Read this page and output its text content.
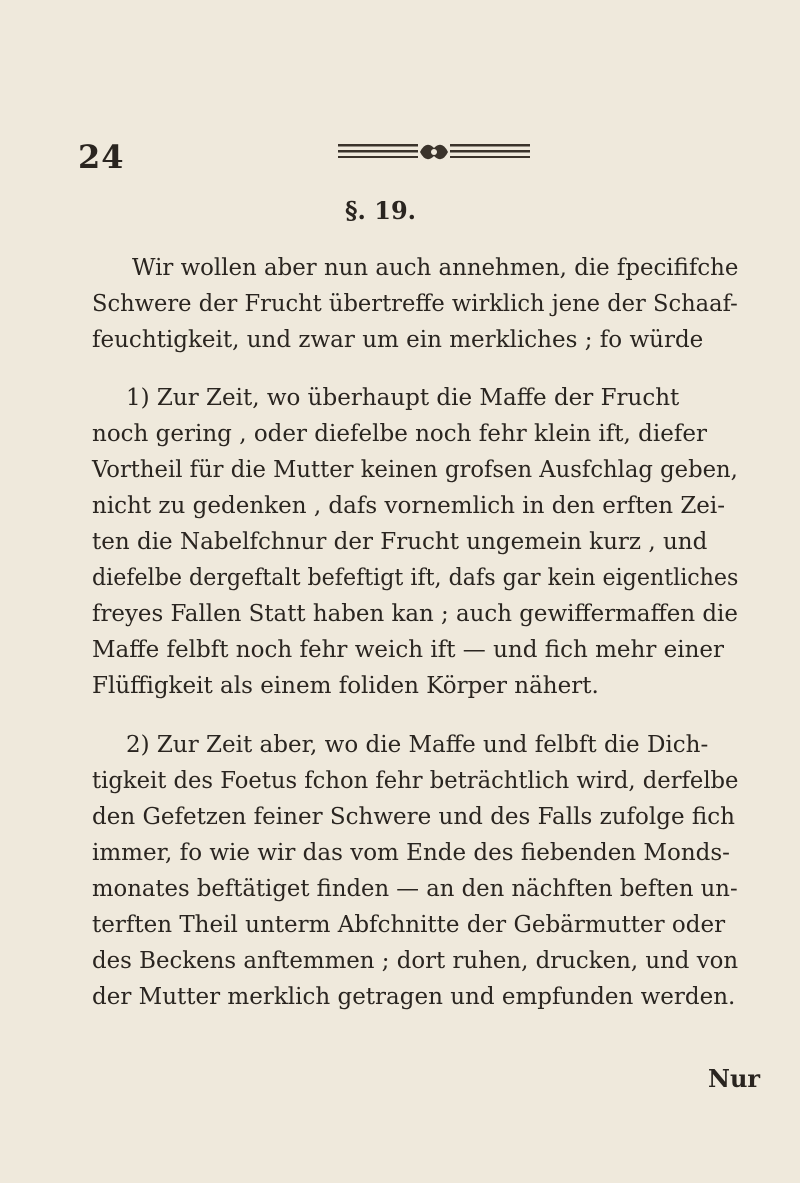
24
§. 19.
Wir wollen aber nun auch annehmen, die fpecififche
Schwere der Frucht übertreffe wirklich jene der Schaaf-
feuchtigkeit, und zwar um ein merkliches ; fo würde
1) Zur Zeit, wo überhaupt die Maffe der Frucht
noch gering , oder diefelbe noch fehr klein ift, diefer
Vortheil für die Mutter keinen grofsen Ausfchlag geben,
nicht zu gedenken , dafs vornemlich in den erften Zei-
ten die Nabelfchnur der Frucht ungemein kurz , und
diefelbe dergeftalt befeftigt ift, dafs gar kein eigentliches
freyes Fallen Statt haben kan ; auch gewiffermaffen die
Maffe felbft noch fehr weich ift — und fich mehr einer
Flüffigkeit als einem foliden Körper nähert.
2) Zur Zeit aber, wo die Maffe und felbft die Dich-
tigkeit des Foetus fchon fehr beträchtlich wird, derfelbe
den Gefetzen feiner Schwere und des Falls zufolge fich
immer, fo wie wir das vom Ende des fiebenden Monds-
monates beftätiget finden — an den nächften beften un-
terften Theil unterm Abfchnitte der Gebärmutter oder
des Beckens anftemmen ; dort ruhen, drucken, und von
der Mutter merklich getragen und empfunden werden.
Nur
